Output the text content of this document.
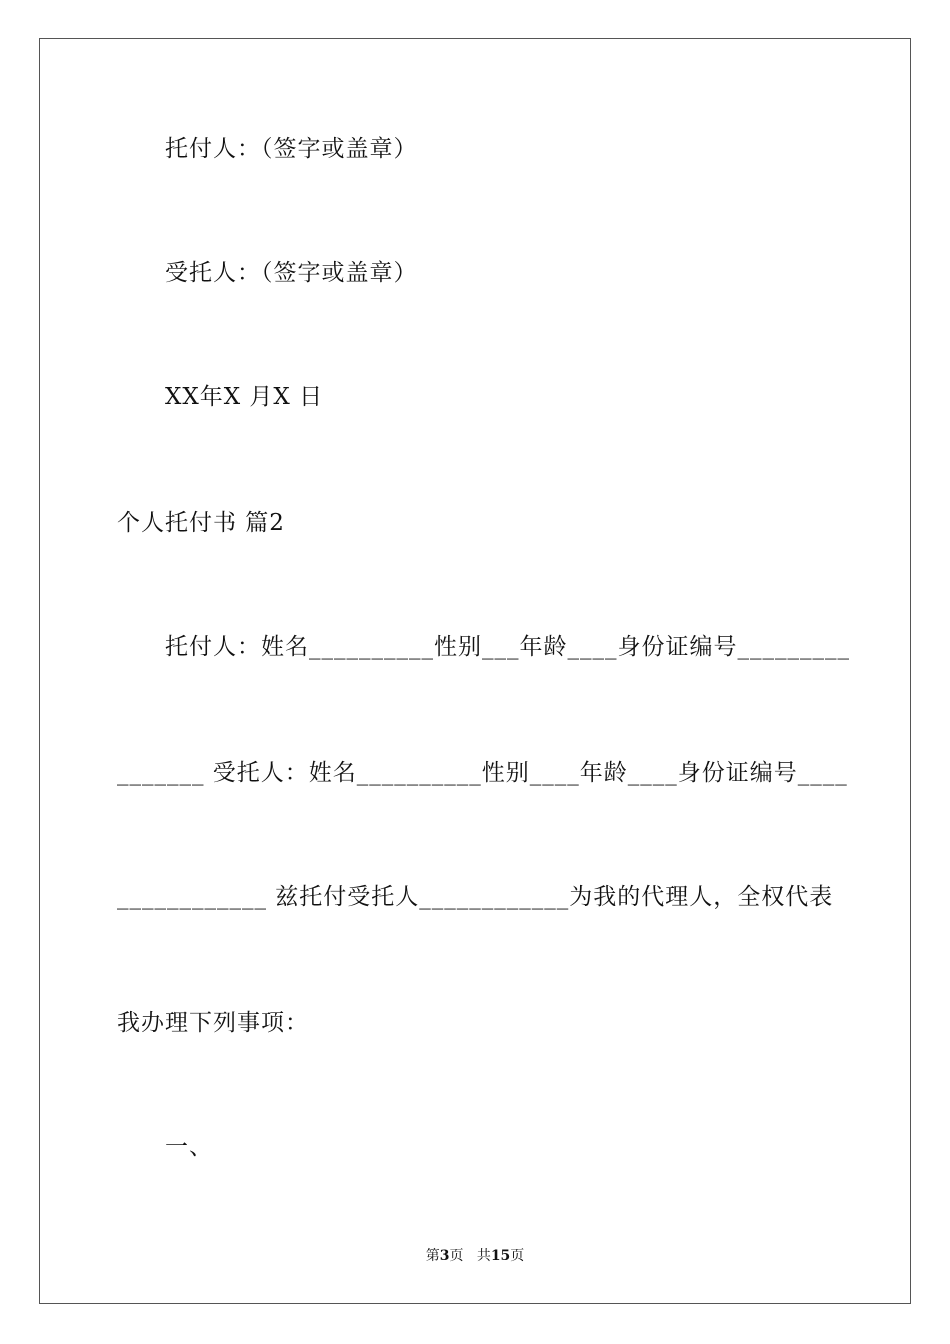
托付人：（签字或盖章）
受托人：（签字或盖章）
XX年X 月X 日
个人托付书 篇2
托付人：姓名__________性别___年龄____身份证编号_________
_______ 受托人：姓名__________性别____年龄____身份证编号____
____________ 兹托付受托人____________为我的代理人，全权代表
我办理下列事项：
一、
第3页 共15页
